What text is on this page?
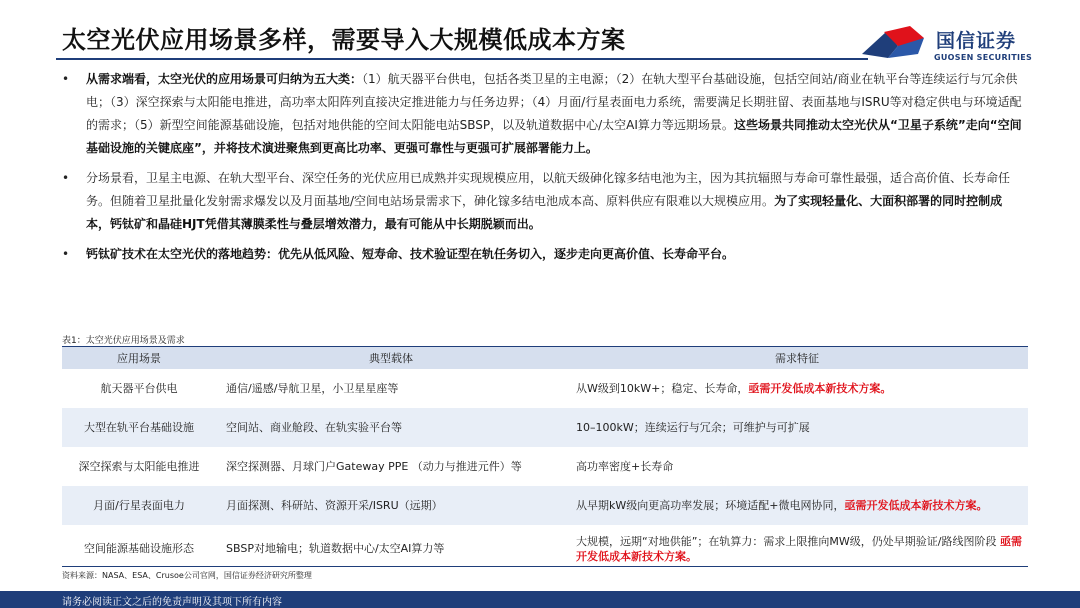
太空光伏应用场景多样，需要导入大规模低成本方案	国信证券
GUOSEN SECURITIES
• 从需求端看，太空光伏的应用场景可归纳为五大类：（1）航天器平台供电，包括各类卫星的主电源；（2）在轨大型平台基础设施，包括空间站/商业在轨平台等连续运行与冗余供电；（3）深空探索与太阳能电推进，高功率太阳阵列直接决定推进能力与任务边界；（4）月面/行星表面电力系统，需要满足长期驻留、表面基地与ISRU等对稳定供电与环境适配的需求；（5）新型空间能源基础设施，包括对地供能的空间太阳能电站SBSP，以及轨道数据中心/太空AI算力等远期场景。这些场景共同推动太空光伏从“卫星子系统”走向“空间基础设施的关键底座”，并将技术演进聚焦到更高比功率、更强可靠性与更强可扩展部署能力上。
• 分场景看，卫星主电源、在轨大型平台、深空任务的光伏应用已成熟并实现规模应用，以航天级砷化镓多结电池为主，因为其抗辐照与寿命可靠性最强，适合高价值、长寿命任务。但随着卫星批量化发射需求爆发以及月面基地/空间电站场景需求下，砷化镓多结电池成本高、原料供应有限难以大规模应用。为了实现轻量化、大面积部署的同时控制成本，钙钛矿和晶硅HJT凭借其薄膜柔性与叠层增效潜力，最有可能从中长期脱颖而出。
• 钙钛矿技术在太空光伏的落地趋势：优先从低风险、短寿命、技术验证型在轨任务切入，逐步走向更高价值、长寿命平台。
表1：太空光伏应用场景及需求
应用场景	典型载体	需求特征
航天器平台供电	通信/遥感/导航卫星，小卫星星座等	从W级到10kW+；稳定、长寿命，亟需开发低成本新技术方案。
大型在轨平台基础设施	空间站、商业舱段、在轨实验平台等	10–100kW；连续运行与冗余；可维护与可扩展
深空探索与太阳能电推进	深空探测器、月球门户Gateway PPE （动力与推进元件）等	高功率密度+长寿命
月面/行星表面电力	月面探测、科研站、资源开采/ISRU（远期）	从早期kW级向更高功率发展；环境适配+微电网协同，亟需开发低成本新技术方案。
空间能源基础设施形态	SBSP对地输电；轨道数据中心/太空AI算力等	大规模，远期“对地供能”；在轨算力：需求上限推向MW级，仍处早期验证/路线图阶段 亟需开发低成本新技术方案。
资料来源：NASA、ESA、Crusoe公司官网，国信证券经济研究所整理
请务必阅读正文之后的免责声明及其项下所有内容
